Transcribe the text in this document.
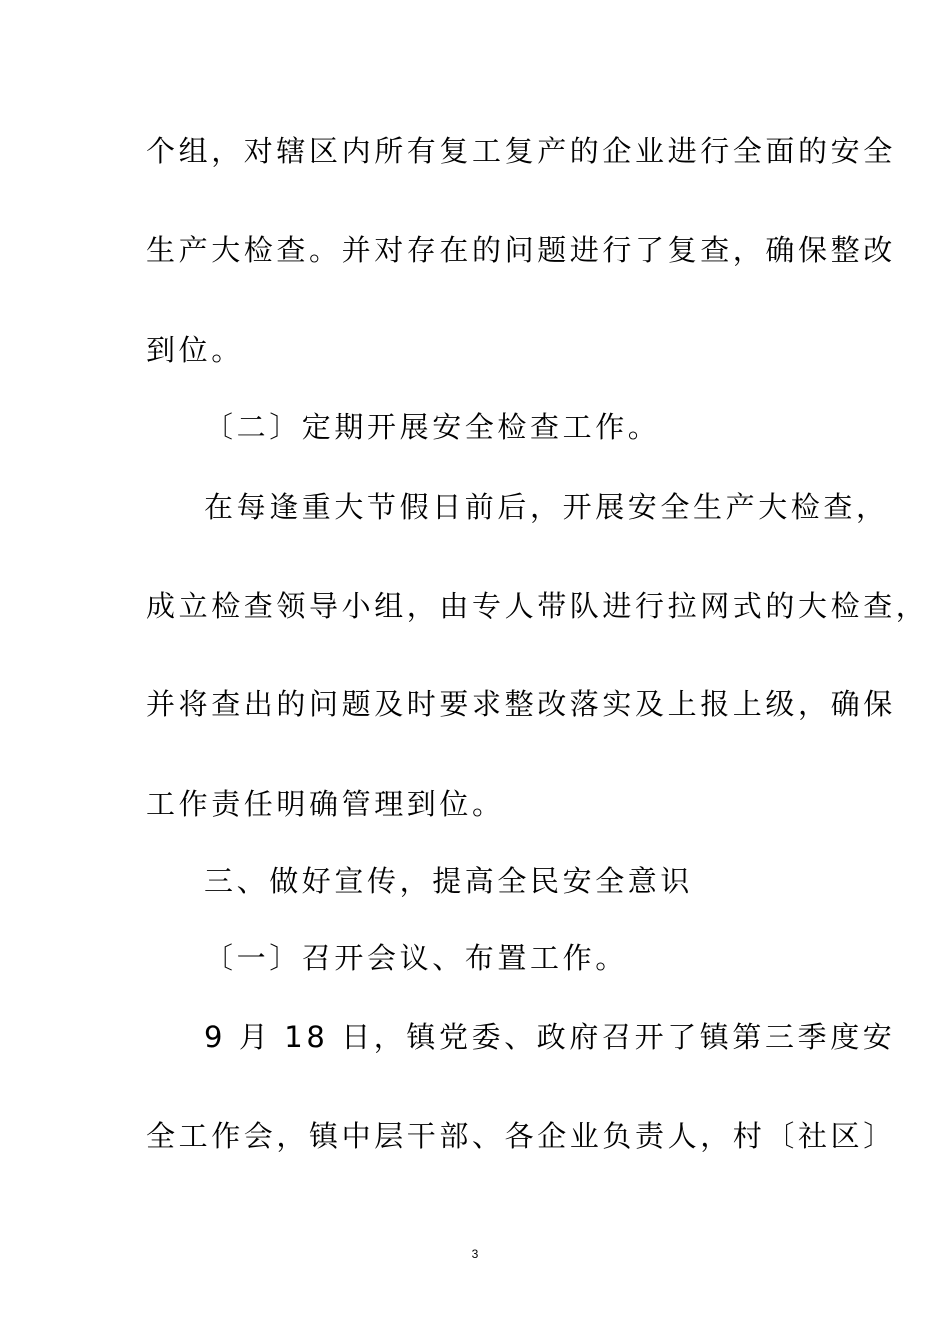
个组，对辖区内所有复工复产的企业进行全面的安全
生产大检查。并对存在的问题进行了复查，确保整改
到位。
〔二〕定期开展安全检查工作。
在每逢重大节假日前后，开展安全生产大检查，
成立检查领导小组，由专人带队进行拉网式的大检查，
并将查出的问题及时要求整改落实及上报上级，确保
工作责任明确管理到位。
三、做好宣传，提高全民安全意识
〔一〕召开会议、布置工作。
9 月 18 日，镇党委、政府召开了镇第三季度安
全工作会，镇中层干部、各企业负责人，村〔社区〕
3
